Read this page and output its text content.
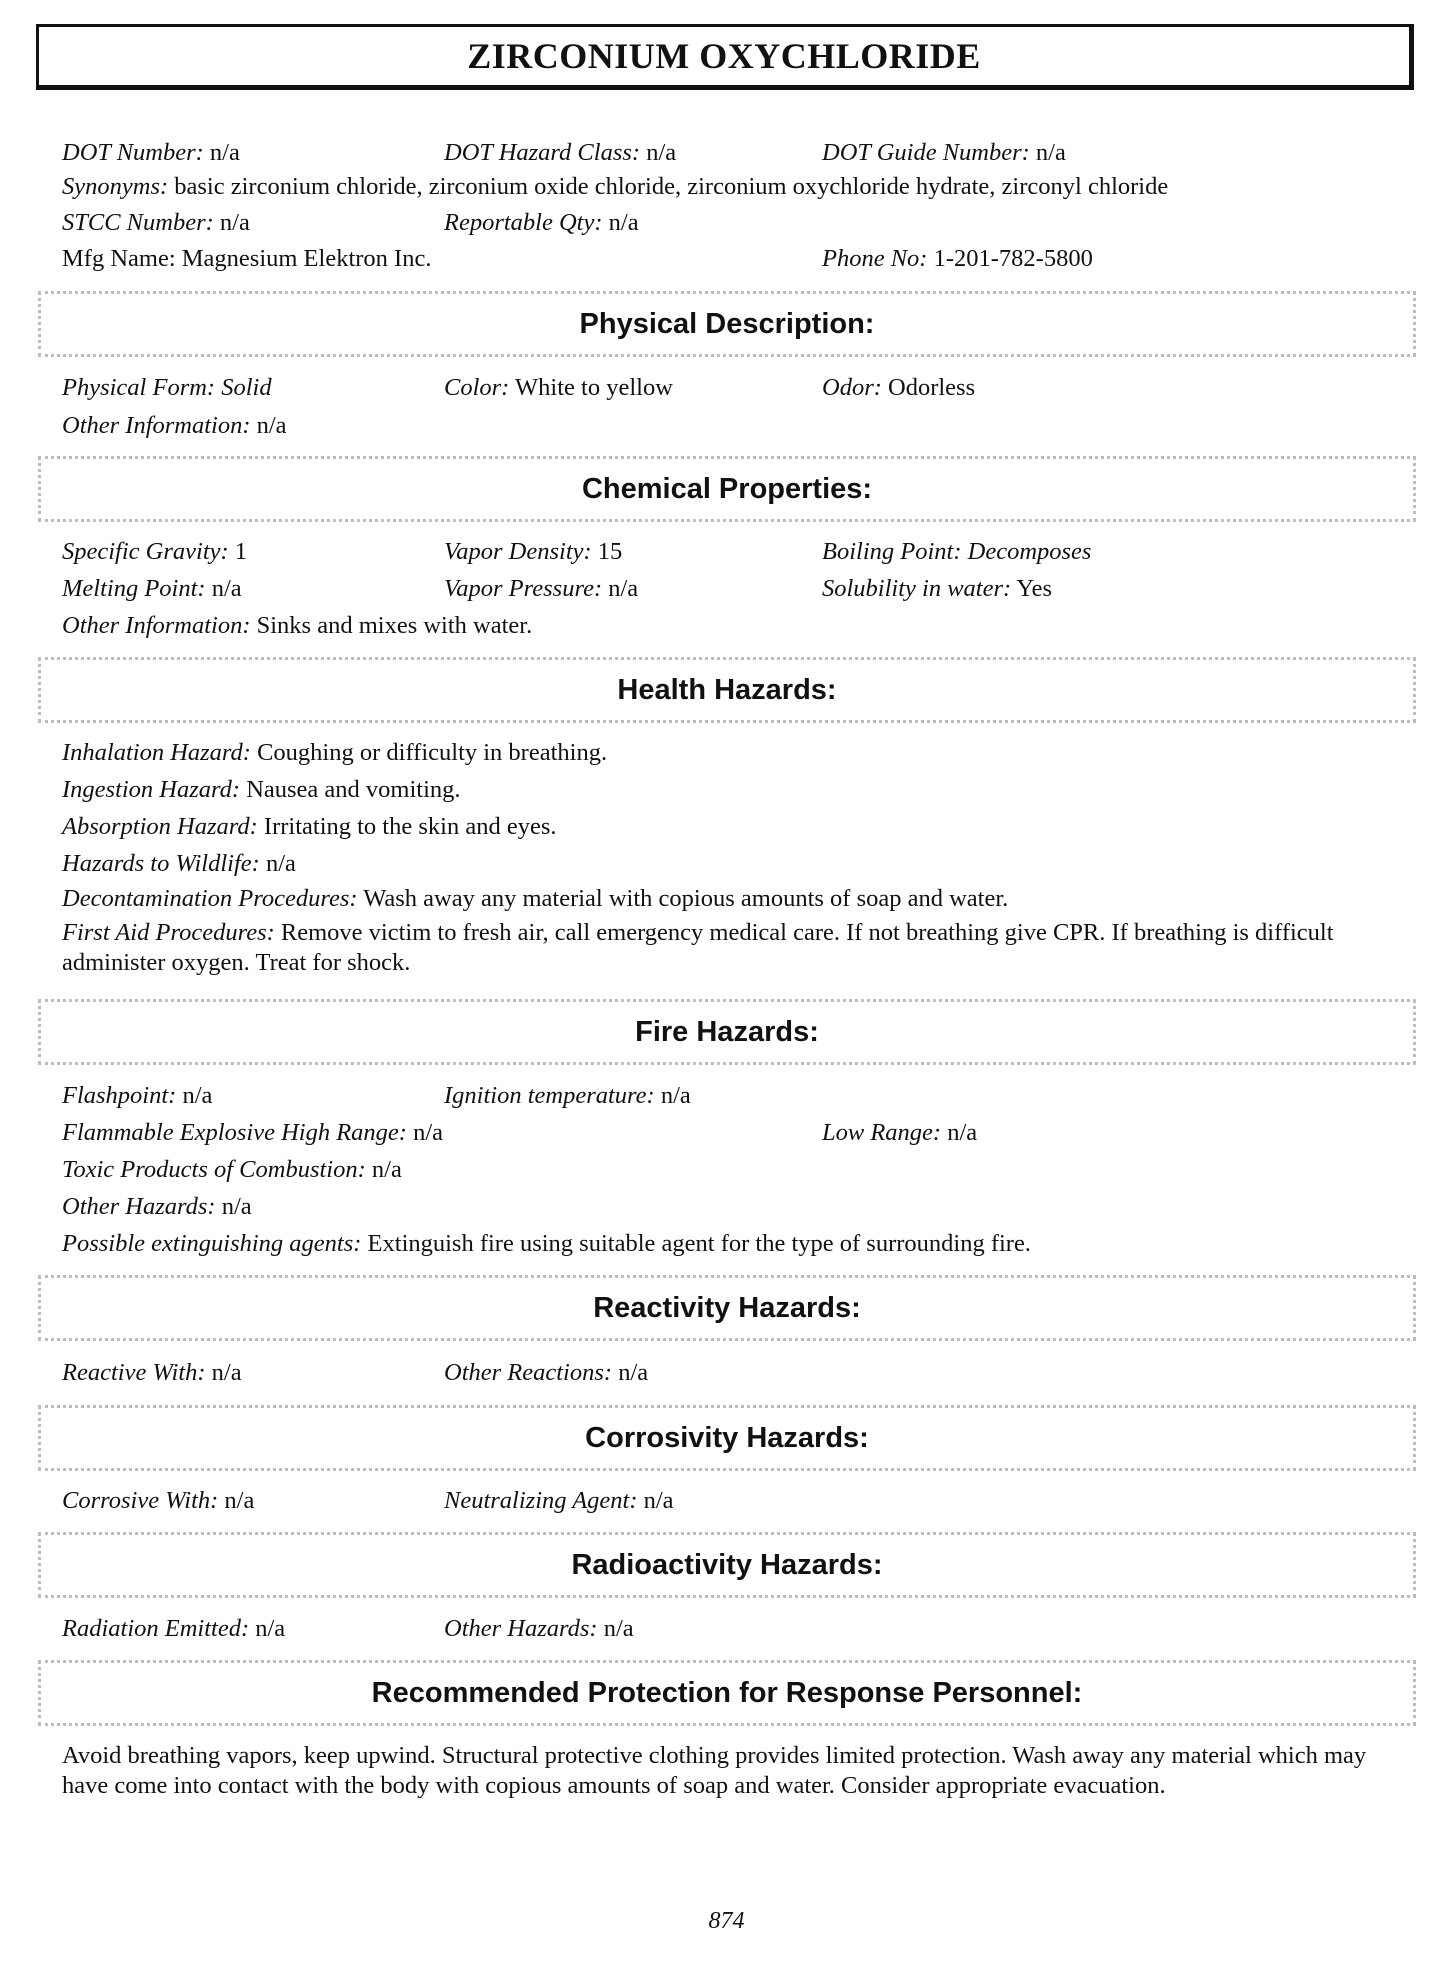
ZIRCONIUM OXYCHLORIDE
DOT Number: n/a	DOT Hazard Class: n/a	DOT Guide Number: n/a
Synonyms: basic zirconium chloride, zirconium oxide chloride, zirconium oxychloride hydrate, zirconyl chloride
STCC Number: n/a	Reportable Qty: n/a
Mfg Name: Magnesium Elektron Inc.	Phone No: 1-201-782-5800
Physical Description:
Physical Form: Solid	Color: White to yellow	Odor: Odorless
Other Information: n/a
Chemical Properties:
Specific Gravity: 1	Vapor Density: 15	Boiling Point: Decomposes
Melting Point: n/a	Vapor Pressure: n/a	Solubility in water: Yes
Other Information: Sinks and mixes with water.
Health Hazards:
Inhalation Hazard: Coughing or difficulty in breathing.
Ingestion Hazard: Nausea and vomiting.
Absorption Hazard: Irritating to the skin and eyes.
Hazards to Wildlife: n/a
Decontamination Procedures: Wash away any material with copious amounts of soap and water.
First Aid Procedures: Remove victim to fresh air, call emergency medical care. If not breathing give CPR. If breathing is difficult administer oxygen. Treat for shock.
Fire Hazards:
Flashpoint: n/a	Ignition temperature: n/a
Flammable Explosive High Range: n/a	Low Range: n/a
Toxic Products of Combustion: n/a
Other Hazards: n/a
Possible extinguishing agents: Extinguish fire using suitable agent for the type of surrounding fire.
Reactivity Hazards:
Reactive With: n/a	Other Reactions: n/a
Corrosivity Hazards:
Corrosive With: n/a	Neutralizing Agent: n/a
Radioactivity Hazards:
Radiation Emitted: n/a	Other Hazards: n/a
Recommended Protection for Response Personnel:
Avoid breathing vapors, keep upwind. Structural protective clothing provides limited protection. Wash away any material which may have come into contact with the body with copious amounts of soap and water. Consider appropriate evacuation.
874
